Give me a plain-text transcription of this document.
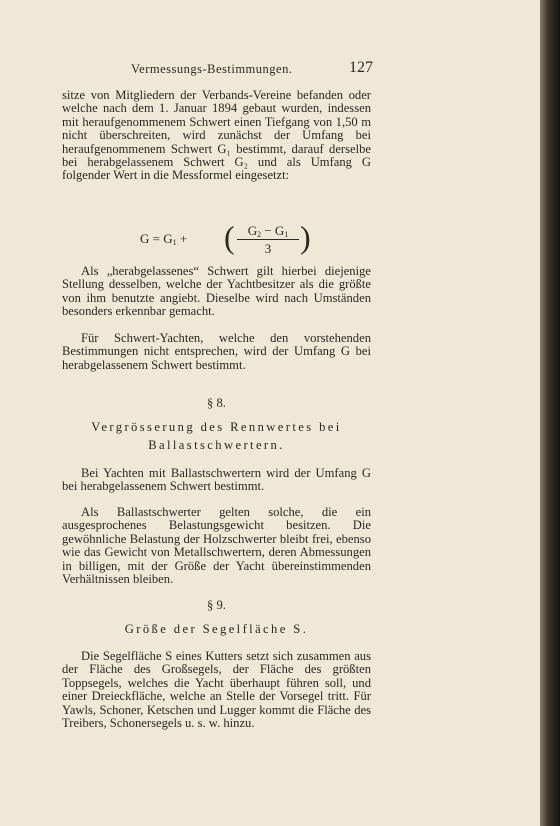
Vermessungs-Bestimmungen.	127

sitze von Mitgliedern der Verbands-Vereine befanden oder welche nach dem 1. Januar 1894 gebaut wurden, indessen mit heraufgenommenem Schwert einen Tiefgang von 1,50 m nicht überschreiten, wird zunächst der Umfang bei heraufgenommenem Schwert G₁ bestimmt, darauf derselbe bei herabgelassenem Schwert G₂ und als Umfang G folgender Wert in die Messformel eingesetzt:

$G = G_1$ + (	$G_2 - G_1$
3 )

Als „herabgelassenes“ Schwert gilt hierbei diejenige Stellung desselben, welche der Yachtbesitzer als die größte von ihm benutzte angiebt. Dieselbe wird nach Umständen besonders erkennbar gemacht.

Für Schwert-Yachten, welche den vorstehenden Bestimmungen nicht entsprechen, wird der Umfang G bei herabgelassenem Schwert bestimmt.

§ 8.
Vergrösserung des Rennwertes bei
Ballastschwertern.

Bei Yachten mit Ballastschwertern wird der Umfang G bei herabgelassenem Schwert bestimmt.

Als Ballastschwerter gelten solche, die ein ausgesprochenes Belastungsgewicht besitzen. Die gewöhnliche Belastung der Holzschwerter bleibt frei, ebenso wie das Gewicht von Metallschwertern, deren Abmessungen in billigen, mit der Größe der Yacht übereinstimmenden Verhältnissen bleiben.

§ 9.
Größe der Segelfläche S.

Die Segelfläche S eines Kutters setzt sich zusammen aus der Fläche des Großsegels, der Fläche des größten Toppsegels, welches die Yacht überhaupt führen soll, und einer Dreieckfläche, welche an Stelle der Vorsegel tritt. Für Yawls, Schoner, Ketschen und Lugger kommt die Fläche des Treibers, Schonersegels u. s. w. hinzu.
